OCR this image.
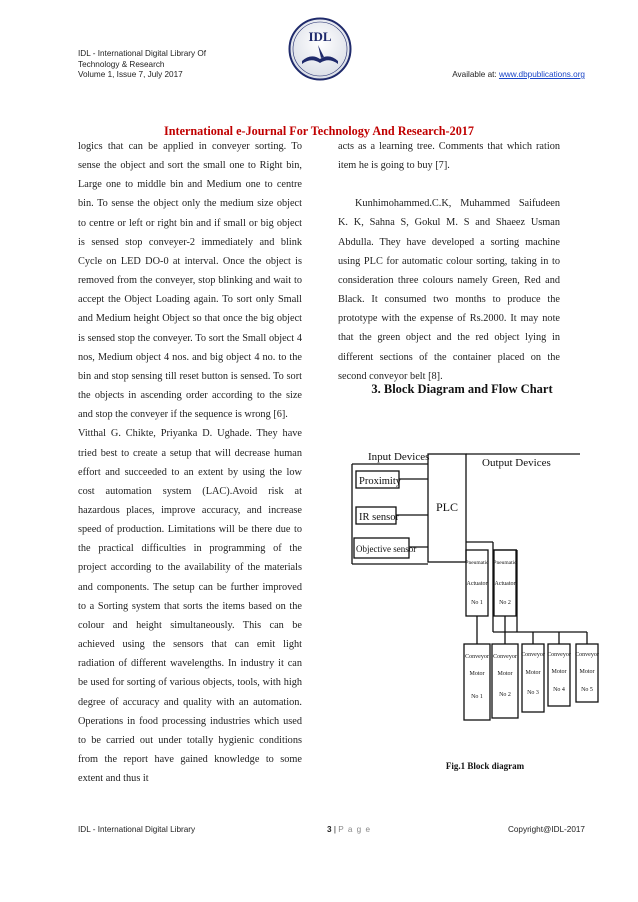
IDL - International Digital Library Of
Technology & Research
Volume 1, Issue 7, July 2017
IDL
Available at: www.dbpublications.org
International e-Journal For Technology And Research-2017

logics that can be applied in conveyer sorting. To sense the object and sort the small one to Right bin, Large one to middle bin and Medium one to centre bin. To sense the object only the medium size object to centre or left or right bin and if small or big object is sensed stop conveyer-2 immediately and blink Cycle on LED DO-0 at interval. Once the object is removed from the conveyer, stop blinking and wait to accept the Object Loading again. To sort only Small and Medium height Object so that once the big object is sensed stop the conveyer. To sort the Small object 4 nos, Medium object 4 nos. and big object 4 no. to the bin and stop sensing till reset button is sensed. To sort the objects in ascending order according to the size and stop the conveyer if the sequence is wrong [6].

Vitthal G. Chikte, Priyanka D. Ughade. They have tried best to create a setup that will decrease human effort and succeeded to an extent by using the low cost automation system (LAC).Avoid risk at hazardous places, improve accuracy, and increase speed of production. Limitations will be there due to the practical difficulties in programming of the project according to the availability of the materials and components. The setup can be further improved to a Sorting system that sorts the items based on the colour and height simultaneously. This can be achieved using the sensors that can emit light radiation of different wavelengths. In industry it can be used for sorting of various objects, tools, with high degree of accuracy and quality with an automation. Operations in food processing industries which used to be carried out under totally hygienic conditions from the report have gained knowledge to some extent and thus it

acts as a learning tree. Comments that which ration item he is going to buy [7].

Kunhimohammed.C.K, Muhammed Saifudeen K. K, Sahna S, Gokul M. S and Shaeez Usman Abdulla. They have developed a sorting machine using PLC for automatic colour sorting, taking in to consideration three colours namely Green, Red and Black. It consumed two months to produce the prototype with the expense of Rs.2000. It may note that the green object and the red object lying in different sections of the container placed on the second conveyor belt [8].

3. Block Diagram and Flow Chart
Input Devices	Output Devices
Proximity
IR sensor
Objective sensor
PLC
Pneumatic
Actuator
No 1
Pneumatic
Actuator
No 2
Conveyor
Motor
No 1
Conveyor
Motor
No 2
Conveyor
Motor
No 3
Conveyor
Motor
No 4
Conveyor
Motor
No 5
Fig.1 Block diagram
IDL - International Digital Library	3 | P a g e	Copyright@IDL-2017
